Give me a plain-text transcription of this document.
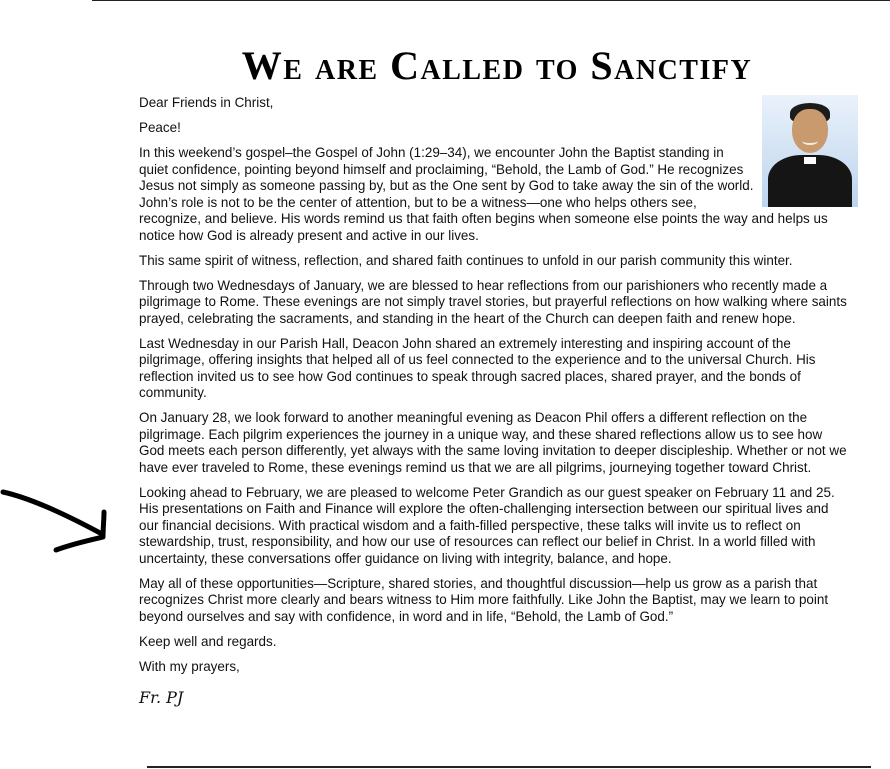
We are Called to Sanctify

Dear Friends in Christ,

Peace!

In this weekend’s gospel–the Gospel of John (1:29–34), we encounter John the Baptist standing in quiet confidence, pointing beyond himself and proclaiming, “Behold, the Lamb of God.” He recognizes Jesus not simply as someone passing by, but as the One sent by God to take away the sin of the world. John’s role is not to be the center of attention, but to be a witness—one who helps others see, recognize, and believe. His words remind us that faith often begins when someone else points the way and helps us notice how God is already present and active in our lives.

This same spirit of witness, reflection, and shared faith continues to unfold in our parish community this winter.

Through two Wednesdays of January, we are blessed to hear reflections from our parishioners who recently made a pilgrimage to Rome. These evenings are not simply travel stories, but prayerful reflections on how walking where saints prayed, celebrating the sacraments, and standing in the heart of the Church can deepen faith and renew hope.

Last Wednesday in our Parish Hall, Deacon John shared an extremely interesting and inspiring account of the pilgrimage, offering insights that helped all of us feel connected to the experience and to the universal Church. His reflection invited us to see how God continues to speak through sacred places, shared prayer, and the bonds of community.

On January 28, we look forward to another meaningful evening as Deacon Phil offers a different reflection on the pilgrimage. Each pilgrim experiences the journey in a unique way, and these shared reflections allow us to see how God meets each person differently, yet always with the same loving invitation to deeper discipleship. Whether or not we have ever traveled to Rome, these evenings remind us that we are all pilgrims, journeying together toward Christ.

Looking ahead to February, we are pleased to welcome Peter Grandich as our guest speaker on February 11 and 25. His presentations on Faith and Finance will explore the often-challenging intersection between our spiritual lives and our financial decisions. With practical wisdom and a faith-filled perspective, these talks will invite us to reflect on stewardship, trust, responsibility, and how our use of resources can reflect our belief in Christ. In a world filled with uncertainty, these conversations offer guidance on living with integrity, balance, and hope.

May all of these opportunities—Scripture, shared stories, and thoughtful discussion—help us grow as a parish that recognizes Christ more clearly and bears witness to Him more faithfully. Like John the Baptist, may we learn to point beyond ourselves and say with confidence, in word and in life, “Behold, the Lamb of God.”

Keep well and regards.

With my prayers,

Fr. PJ
